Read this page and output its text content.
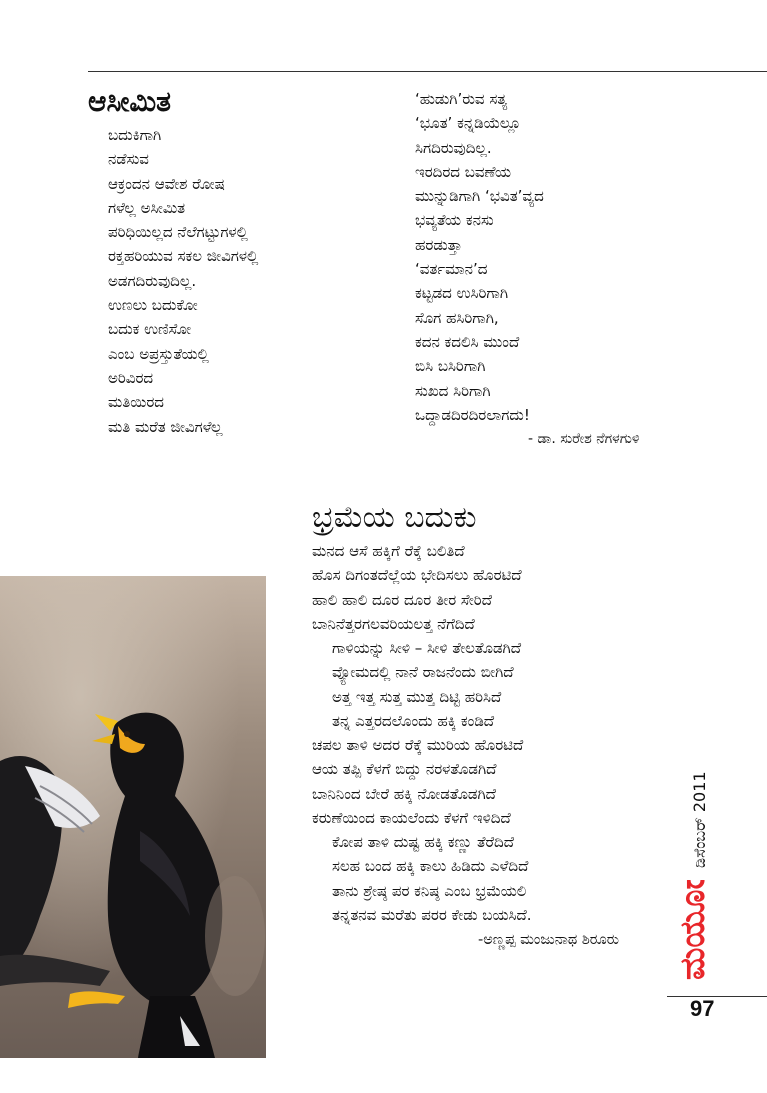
ಆಸೀಮಿತ
ಬದುಕಿಗಾಗಿ
ನಡೆಸುವ
ಆಕ್ರಂದನ ಆವೇಶ ರೋಷ
ಗಳೆಲ್ಲ ಅಸೀಮಿತ
ಪರಿಧಿಯಿಲ್ಲದ ನೆಲೆಗಟ್ಟುಗಳಲ್ಲಿ
ರಕ್ತಹರಿಯುವ ಸಕಲ ಜೀವಿಗಳಲ್ಲಿ
ಅಡಗದಿರುವುದಿಲ್ಲ.
ಉಣಲು ಬದುಕೋ
ಬದುಕ ಉಣಿಸೋ
ಎಂಬ ಅಪ್ರಸ್ತುತೆಯಲ್ಲಿ
ಅರಿವಿರದ
ಮತಿಯಿರದ
ಮತಿ ಮರೆತ ಜೀವಿಗಳೆಲ್ಲ
‘ಹುಡುಗಿ’ರುವ ಸತ್ಯ
‘ಭೂತ’ ಕನ್ನಡಿಯೆಲ್ಲೂ
ಸಿಗದಿರುವುದಿಲ್ಲ.
ಇರದಿರದ ಬವಣೆಯ
ಮುನ್ನುಡಿಗಾಗಿ ‘ಭವಿತ’ವ್ಯದ
ಭವ್ಯತೆಯ ಕನಸು
ಹರಡುತ್ತಾ
‘ವರ್ತಮಾನ’ದ
ಕಟ್ಟಡದ ಉಸಿರಿಗಾಗಿ
ಸೊಗ ಹಸಿರಿಗಾಗಿ,
ಕದನ ಕದಲಿಸಿ ಮುಂದೆ
ಬಿಸಿ ಬಸಿರಿಗಾಗಿ
ಸುಖದ ಸಿರಿಗಾಗಿ
ಒದ್ದಾಡದಿರದಿರಲಾಗದು!
- ಡಾ. ಸುರೇಶ ನೆಗಳಗುಳಿ
ಭ್ರಮೆಯ ಬದುಕು
ಮನದ ಆಸೆ ಹಕ್ಕಿಗೆ ರೆಕ್ಕೆ ಬಲಿತಿದೆ
ಹೊಸ ದಿಗಂತದೆಲ್ಲೆಯ ಭೇದಿಸಲು ಹೊರಟಿದೆ
ಹಾಲಿ ಹಾಲಿ ದೂರ ದೂರ ತೀರ ಸೇರಿದೆ
ಬಾನಿನೆತ್ತರಗಲವರಿಯಲತ್ತ ನೆಗೆದಿದೆ
ಗಾಳಿಯನ್ನು ಸೀಳಿ – ಸೀಳಿ ತೇಲತೊಡಗಿದೆ
ವ್ಯೋಮದಲ್ಲಿ ನಾನೆ ರಾಜನೆಂದು ಬೀಗಿದೆ
ಅತ್ತ ಇತ್ತ ಸುತ್ತ ಮುತ್ತ ದಿಟ್ಟಿ ಹರಿಸಿದೆ
ತನ್ನ ಎತ್ತರದಲೊಂದು ಹಕ್ಕಿ ಕಂಡಿದೆ
ಚಪಲ ತಾಳಿ ಅದರ ರೆಕ್ಕೆ ಮುರಿಯ ಹೊರಟಿದೆ
ಆಯ ತಪ್ಪಿ ಕೆಳಗೆ ಬಿದ್ದು ನರಳತೊಡಗಿದೆ
ಬಾನಿನಿಂದ ಬೇರೆ ಹಕ್ಕಿ ನೋಡತೊಡಗಿದೆ
ಕರುಣೆಯಿಂದ ಕಾಯಲೆಂದು ಕೆಳಗೆ ಇಳಿದಿದೆ
ಕೋಪ ತಾಳಿ ದುಷ್ಟ ಹಕ್ಕಿ ಕಣ್ಣು ತೆರೆದಿದೆ
ಸಲಹ ಬಂದ ಹಕ್ಕಿ ಕಾಲು ಹಿಡಿದು ಎಳೆದಿದೆ
ತಾನು ಶ್ರೇಷ್ಠ ಪರ ಕನಿಷ್ಠ ಎಂಬ ಭ್ರಮೆಯಲಿ
ತನ್ನತನವ ಮರೆತು ಪರರ ಕೇಡು ಬಯಸಿದೆ.
-ಅಣ್ಣಪ್ಪ ಮಂಜುನಾಥ ಶಿರೂರು ಮಯೂರ
ಡಿಸೆಂಬರ್ 2011
97
